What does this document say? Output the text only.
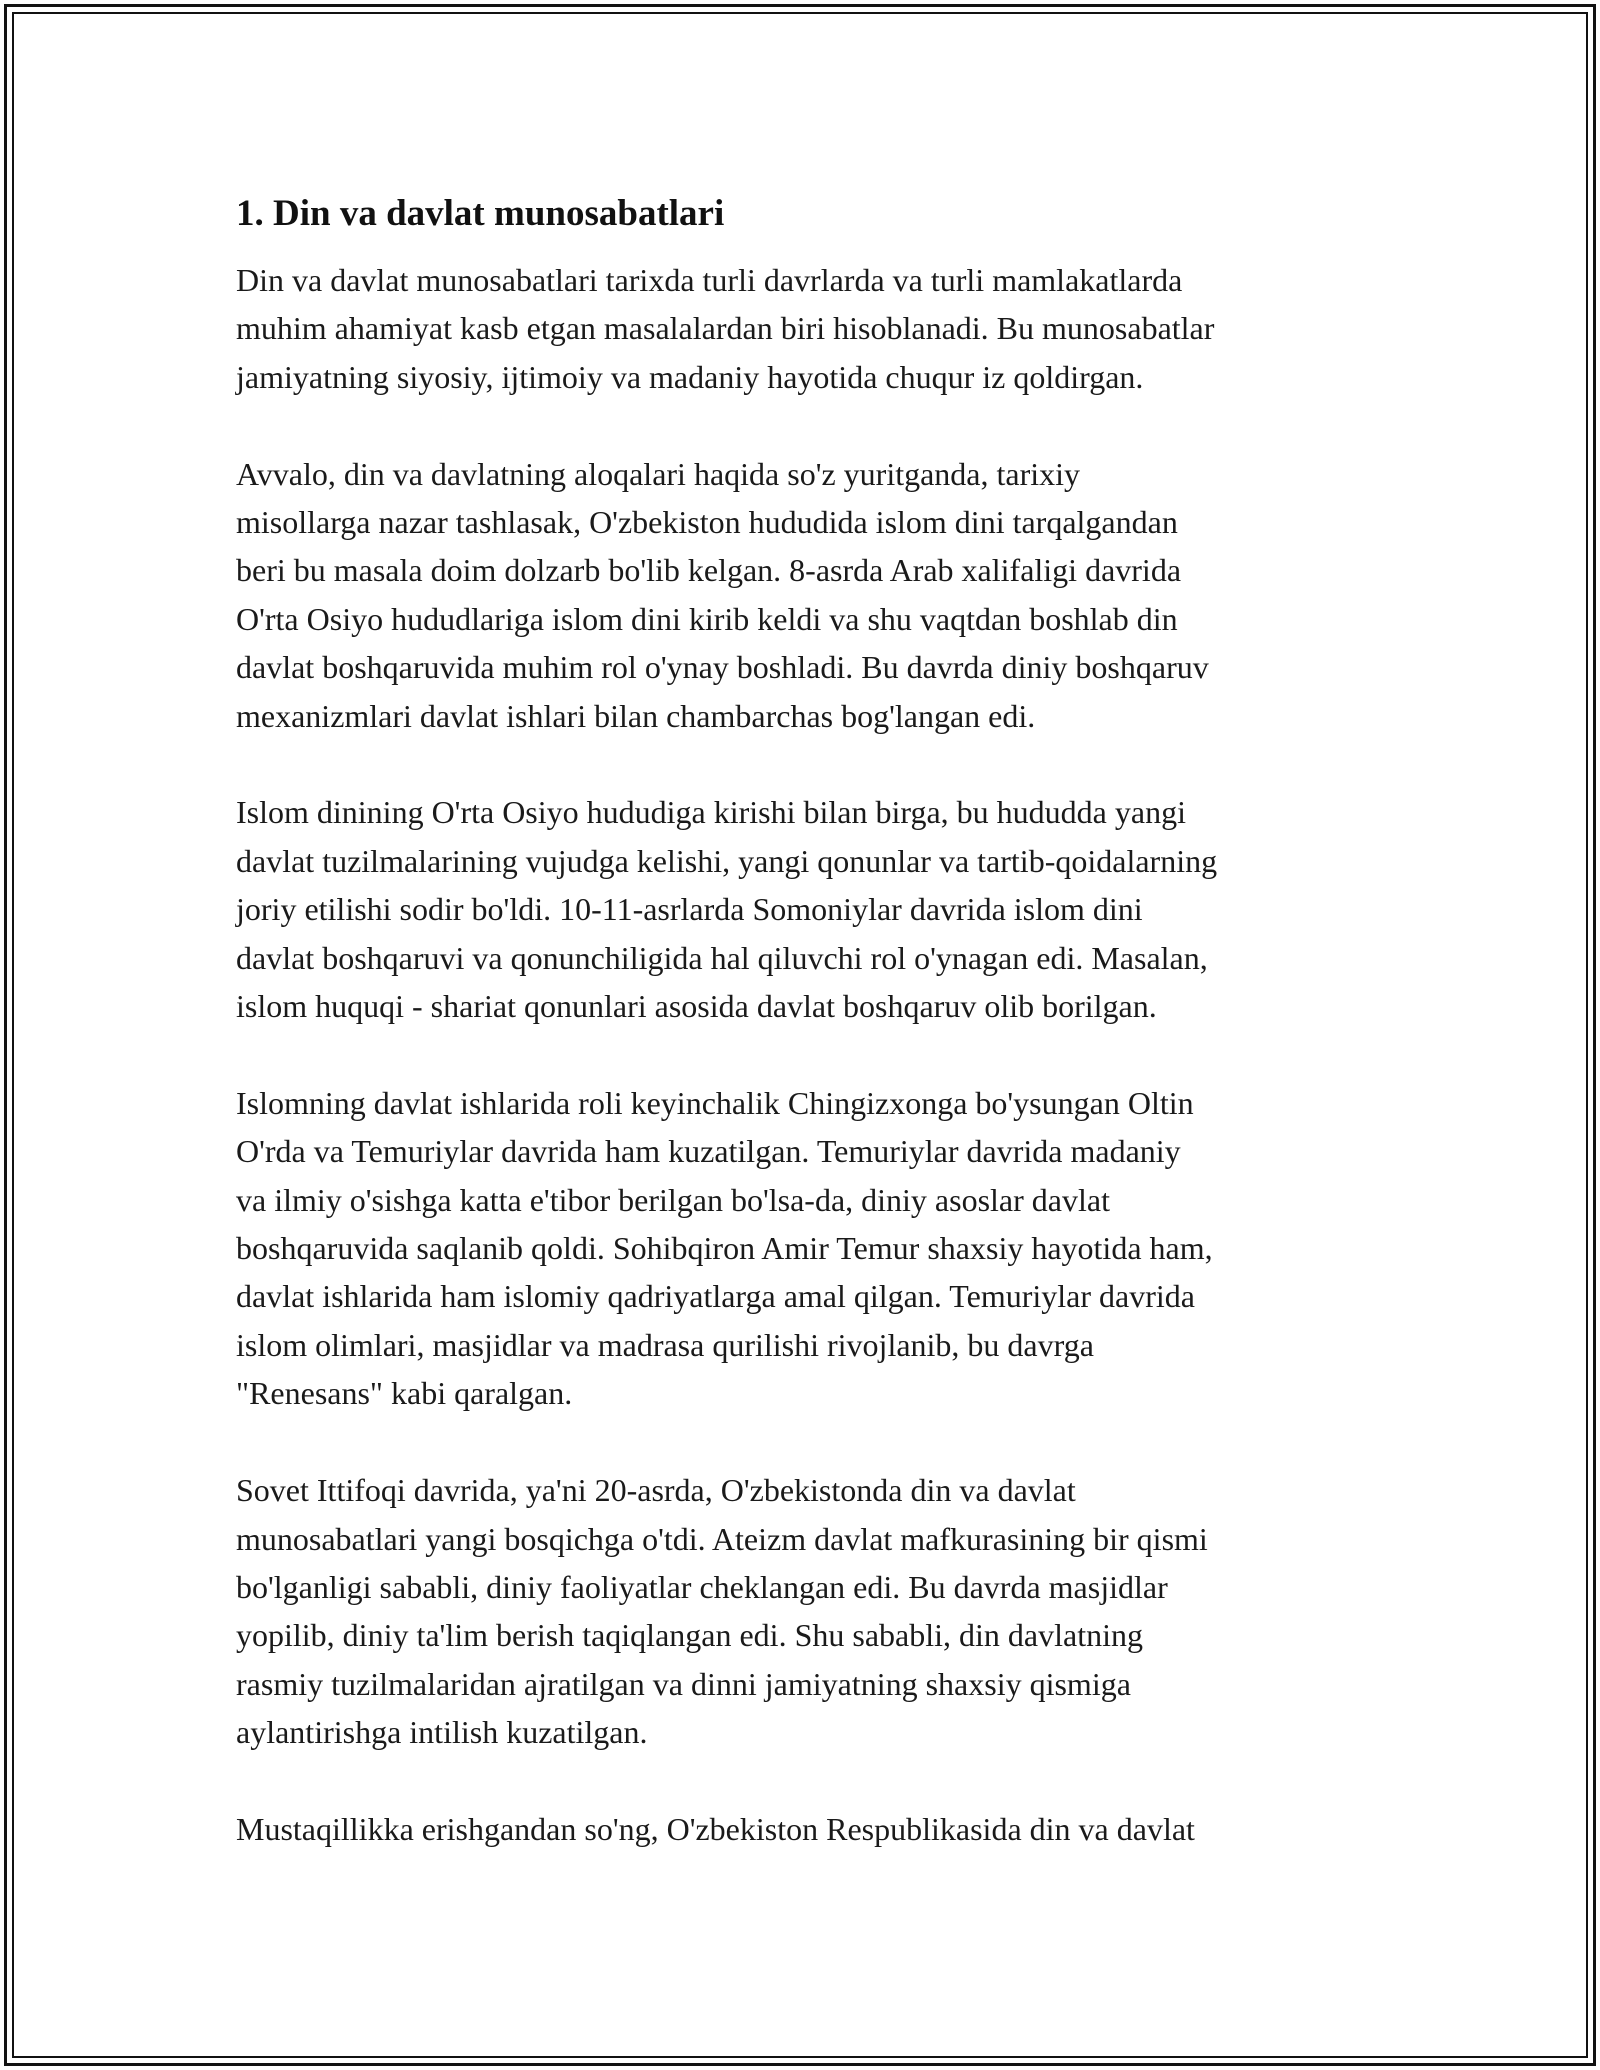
1. Din va davlat munosabatlari

Din va davlat munosabatlari tarixda turli davrlarda va turli mamlakatlarda
muhim ahamiyat kasb etgan masalalardan biri hisoblanadi. Bu munosabatlar
jamiyatning siyosiy, ijtimoiy va madaniy hayotida chuqur iz qoldirgan.

Avvalo, din va davlatning aloqalari haqida so'z yuritganda, tarixiy
misollarga nazar tashlasak, O'zbekiston hududida islom dini tarqalgandan
beri bu masala doim dolzarb bo'lib kelgan. 8-asrda Arab xalifaligi davrida
O'rta Osiyo hududlariga islom dini kirib keldi va shu vaqtdan boshlab din
davlat boshqaruvida muhim rol o'ynay boshladi. Bu davrda diniy boshqaruv
mexanizmlari davlat ishlari bilan chambarchas bog'langan edi.

Islom dinining O'rta Osiyo hududiga kirishi bilan birga, bu hududda yangi
davlat tuzilmalarining vujudga kelishi, yangi qonunlar va tartib-qoidalarning
joriy etilishi sodir bo'ldi. 10-11-asrlarda Somoniylar davrida islom dini
davlat boshqaruvi va qonunchiligida hal qiluvchi rol o'ynagan edi. Masalan,
islom huquqi - shariat qonunlari asosida davlat boshqaruv olib borilgan.

Islomning davlat ishlarida roli keyinchalik Chingizxonga bo'ysungan Oltin
O'rda va Temuriylar davrida ham kuzatilgan. Temuriylar davrida madaniy
va ilmiy o'sishga katta e'tibor berilgan bo'lsa-da, diniy asoslar davlat
boshqaruvida saqlanib qoldi. Sohibqiron Amir Temur shaxsiy hayotida ham,
davlat ishlarida ham islomiy qadriyatlarga amal qilgan. Temuriylar davrida
islom olimlari, masjidlar va madrasa qurilishi rivojlanib, bu davrga
"Renesans" kabi qaralgan.

Sovet Ittifoqi davrida, ya'ni 20-asrda, O'zbekistonda din va davlat
munosabatlari yangi bosqichga o'tdi. Ateizm davlat mafkurasining bir qismi
bo'lganligi sababli, diniy faoliyatlar cheklangan edi. Bu davrda masjidlar
yopilib, diniy ta'lim berish taqiqlangan edi. Shu sababli, din davlatning
rasmiy tuzilmalaridan ajratilgan va dinni jamiyatning shaxsiy qismiga
aylantirishga intilish kuzatilgan.

Mustaqillikka erishgandan so'ng, O'zbekiston Respublikasida din va davlat
